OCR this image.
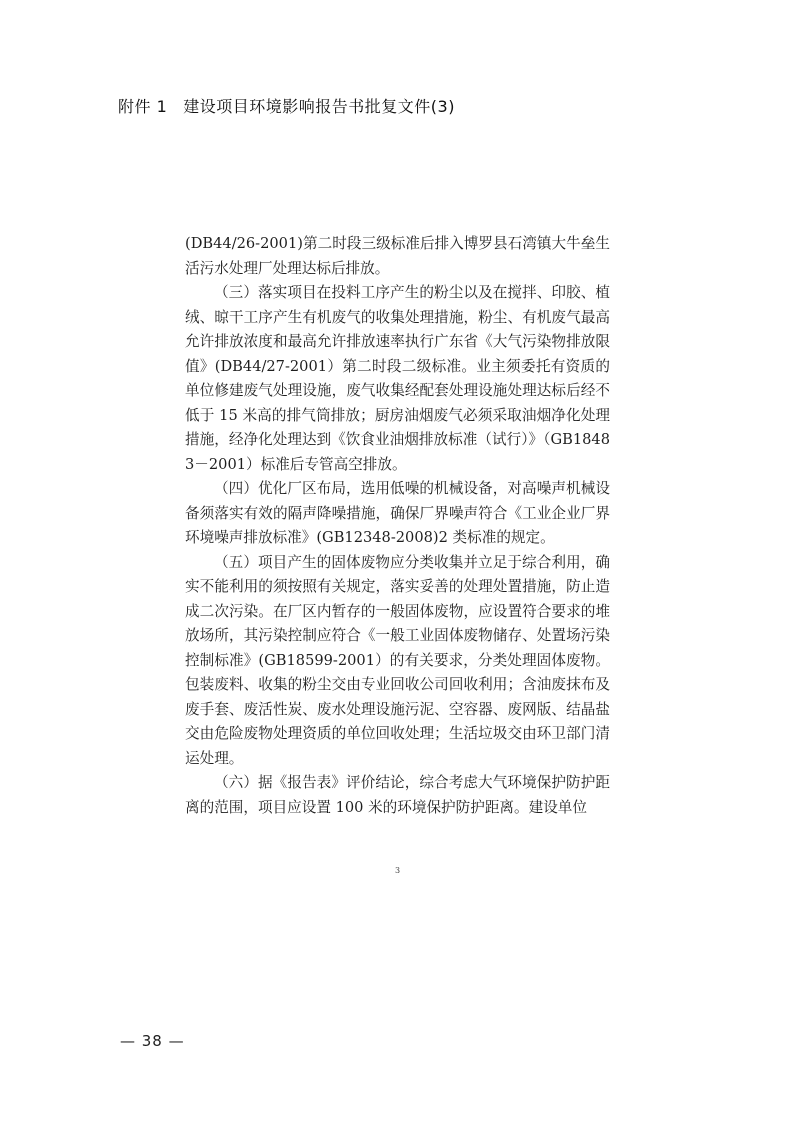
附件 1 建设项目环境影响报告书批复文件(3)

(DB44/26-2001)第二时段三级标准后排入博罗县石湾镇大牛垒生活污水处理厂处理达标后排放。

（三）落实项目在投料工序产生的粉尘以及在搅拌、印胶、植绒、晾干工序产生有机废气的收集处理措施，粉尘、有机废气最高允许排放浓度和最高允许排放速率执行广东省《大气污染物排放限值》(DB44/27-2001）第二时段二级标准。业主须委托有资质的单位修建废气处理设施，废气收集经配套处理设施处理达标后经不低于 15 米高的排气筒排放；厨房油烟废气必须采取油烟净化处理措施，经净化处理达到《饮食业油烟排放标准（试行）》（GB18483－2001）标准后专管高空排放。

（四）优化厂区布局，选用低噪的机械设备，对高噪声机械设备须落实有效的隔声降噪措施，确保厂界噪声符合《工业企业厂界环境噪声排放标准》(GB12348-2008)2 类标准的规定。

（五）项目产生的固体废物应分类收集并立足于综合利用，确实不能利用的须按照有关规定，落实妥善的处理处置措施，防止造成二次污染。在厂区内暂存的一般固体废物，应设置符合要求的堆放场所，其污染控制应符合《一般工业固体废物储存、处置场污染控制标准》(GB18599-2001）的有关要求，分类处理固体废物。包装废料、收集的粉尘交由专业回收公司回收利用；含油废抹布及废手套、废活性炭、废水处理设施污泥、空容器、废网版、结晶盐交由危险废物处理资质的单位回收处理；生活垃圾交由环卫部门清运处理。

（六）据《报告表》评价结论，综合考虑大气环境保护防护距离的范围，项目应设置 100 米的环境保护防护距离。建设单位

3
— 38 —
